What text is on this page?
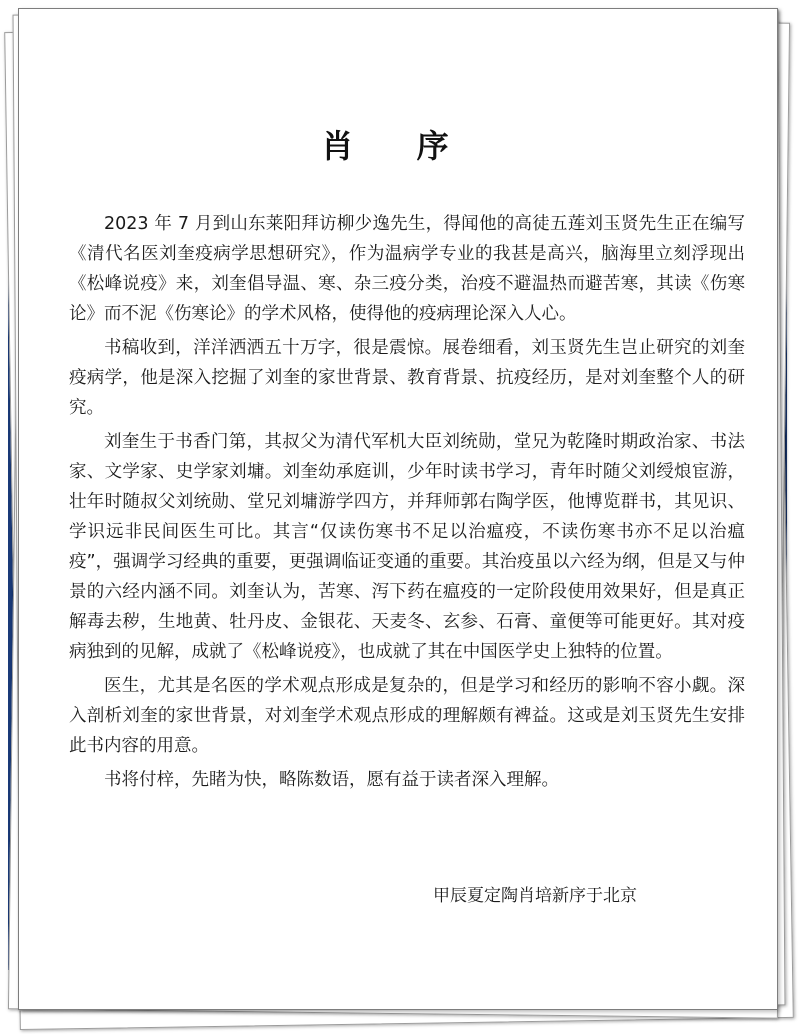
肖 序

2023 年 7 月到山东莱阳拜访柳少逸先生，得闻他的高徒五莲刘玉贤先生正在编写《清代名医刘奎疫病学思想研究》，作为温病学专业的我甚是高兴，脑海里立刻浮现出《松峰说疫》来，刘奎倡导温、寒、杂三疫分类，治疫不避温热而避苦寒，其读《伤寒论》而不泥《伤寒论》的学术风格，使得他的疫病理论深入人心。

书稿收到，洋洋洒洒五十万字，很是震惊。展卷细看，刘玉贤先生岂止研究的刘奎疫病学，他是深入挖掘了刘奎的家世背景、教育背景、抗疫经历，是对刘奎整个人的研究。

刘奎生于书香门第，其叔父为清代军机大臣刘统勋，堂兄为乾隆时期政治家、书法家、文学家、史学家刘墉。刘奎幼承庭训，少年时读书学习，青年时随父刘绶烺宦游，壮年时随叔父刘统勋、堂兄刘墉游学四方，并拜师郭右陶学医，他博览群书，其见识、学识远非民间医生可比。其言“仅读伤寒书不足以治瘟疫，不读伤寒书亦不足以治瘟疫”，强调学习经典的重要，更强调临证变通的重要。其治疫虽以六经为纲，但是又与仲景的六经内涵不同。刘奎认为，苦寒、泻下药在瘟疫的一定阶段使用效果好，但是真正解毒去秽，生地黄、牡丹皮、金银花、天麦冬、玄参、石膏、童便等可能更好。其对疫病独到的见解，成就了《松峰说疫》，也成就了其在中国医学史上独特的位置。

医生，尤其是名医的学术观点形成是复杂的，但是学习和经历的影响不容小觑。深入剖析刘奎的家世背景，对刘奎学术观点形成的理解颇有裨益。这或是刘玉贤先生安排此书内容的用意。

书将付梓，先睹为快，略陈数语，愿有益于读者深入理解。

甲辰夏定陶肖培新序于北京
